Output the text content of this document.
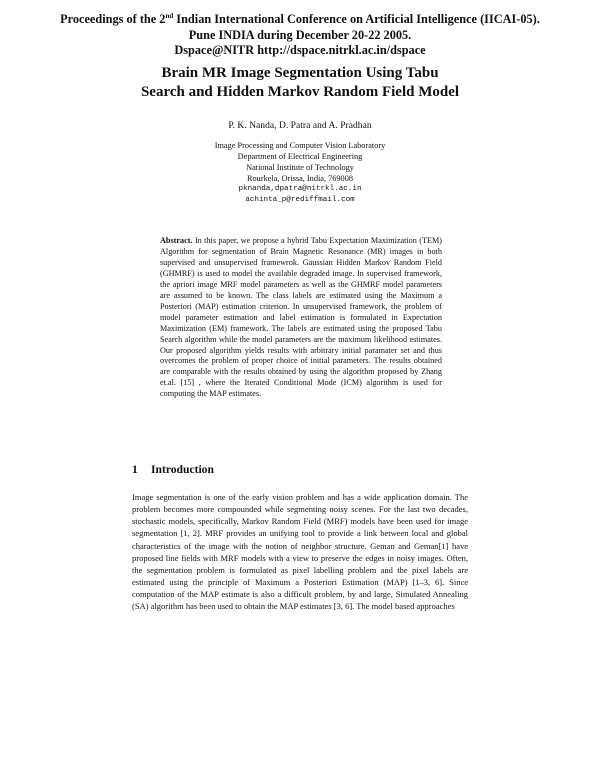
Proceedings of the 2nd Indian International Conference on Artificial Intelligence (IICAI-05).
Pune INDIA during December 20-22 2005.
Dspace@NITR http://dspace.nitrkl.ac.in/dspace
Brain MR Image Segmentation Using Tabu
Search and Hidden Markov Random Field Model
P. K. Nanda, D. Patra and A. Pradhan
Image Processing and Computer Vision Laboratory
Department of Electrical Engineering
National Institute of Technology
Rourkela, Orissa, India, 769008
pknanda,dpatra@nitrkl.ac.in
achinta_p@rediffmail.com
Abstract. In this paper, we propose a hybrid Tabu Expectation Maximization (TEM) Algorithm for segmentation of Brain Magnetic Resonance (MR) images in both supervised and unsupervised framewrok. Gaussian Hidden Markov Random Field (GHMRF) is used to model the available degraded image. In supervised framework, the apriori image MRF model parameters as well as the GHMRF model parameters are assumed to be known. The class labels are estimated using the Maximum a Posteriori (MAP) estimation criterion. In unsupervised framework, the problem of model parameter estimation and label estimation is formulated in Expectation Maximization (EM) framework. The labels are estimated using the proposed Tabu Search algorithm while the model parameters are the maximum likelihood estimates. Our proposed algorithm yields results with arbitrary initial paramater set and thus overcomes the problem of proper choice of initial parameters. The results obtained are comparable with the results obtained by using the algorithm proposed by Zhang et.al. [15] , where the Iterated Conditional Mode (ICM) algorithm is used for computing the MAP estimates.
1 Introduction
Image segmentation is one of the early vision problem and has a wide application domain. The problem becomes more compounded while segmenting noisy scenes. For the last two decades, stochastic models, specifically, Markov Random Field (MRF) models have been used for image segmentation [1, 2]. MRF provides an unifying tool to provide a link between local and global characteristics of the image with the notion of neighbor structure. Geman and Geman[1] have proposed line fields with MRF models with a view to preserve the edges in noisy images. Often, the segmentation problem is formulated as pixel labelling problem and the pixel labels are estimated using the principle of Maximum a Posteriori Estimation (MAP) [1–3, 6]. Since computation of the MAP estimate is also a difficult problem, by and large, Simulated Annealing (SA) algorithm has been used to obtain the MAP estimates [3, 6]. The model based approaches
